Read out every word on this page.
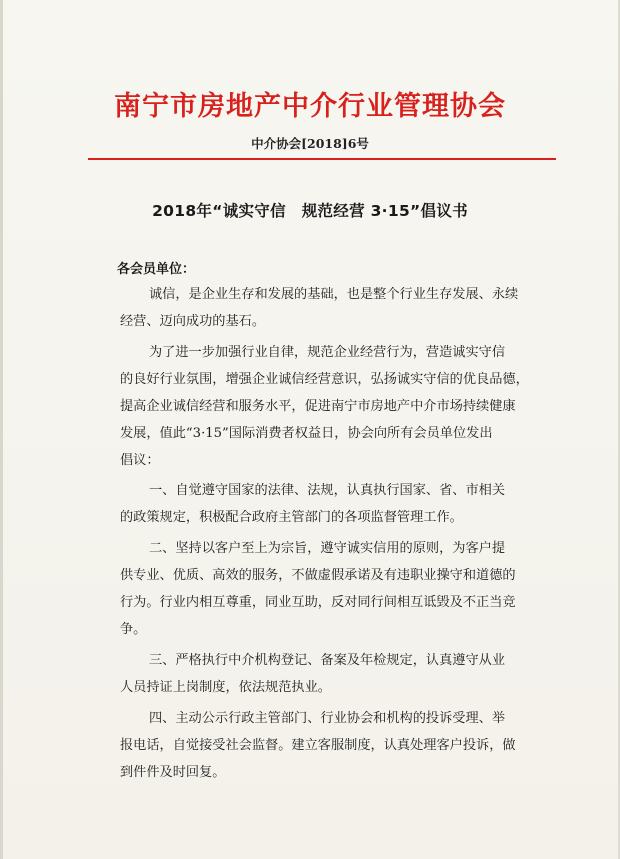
南宁市房地产中介行业管理协会
中介协会[2018]6号
2018年“诚实守信　规范经营 3·15”倡议书
各会员单位：
诚信，是企业生存和发展的基础，也是整个行业生存发展、永续
经营、迈向成功的基石。
为了进一步加强行业自律，规范企业经营行为，营造诚实守信
的良好行业氛围，增强企业诚信经营意识，弘扬诚实守信的优良品德，
提高企业诚信经营和服务水平，促进南宁市房地产中介市场持续健康
发展，值此“3·15”国际消费者权益日，协会向所有会员单位发出
倡议：
一、自觉遵守国家的法律、法规，认真执行国家、省、市相关
的政策规定，积极配合政府主管部门的各项监督管理工作。
二、坚持以客户至上为宗旨，遵守诚实信用的原则，为客户提
供专业、优质、高效的服务，不做虚假承诺及有违职业操守和道德的
行为。行业内相互尊重，同业互助，反对同行间相互诋毁及不正当竞
争。
三、严格执行中介机构登记、备案及年检规定，认真遵守从业
人员持证上岗制度，依法规范执业。
四、主动公示行政主管部门、行业协会和机构的投诉受理、举
报电话，自觉接受社会监督。建立客服制度，认真处理客户投诉，做
到件件及时回复。
